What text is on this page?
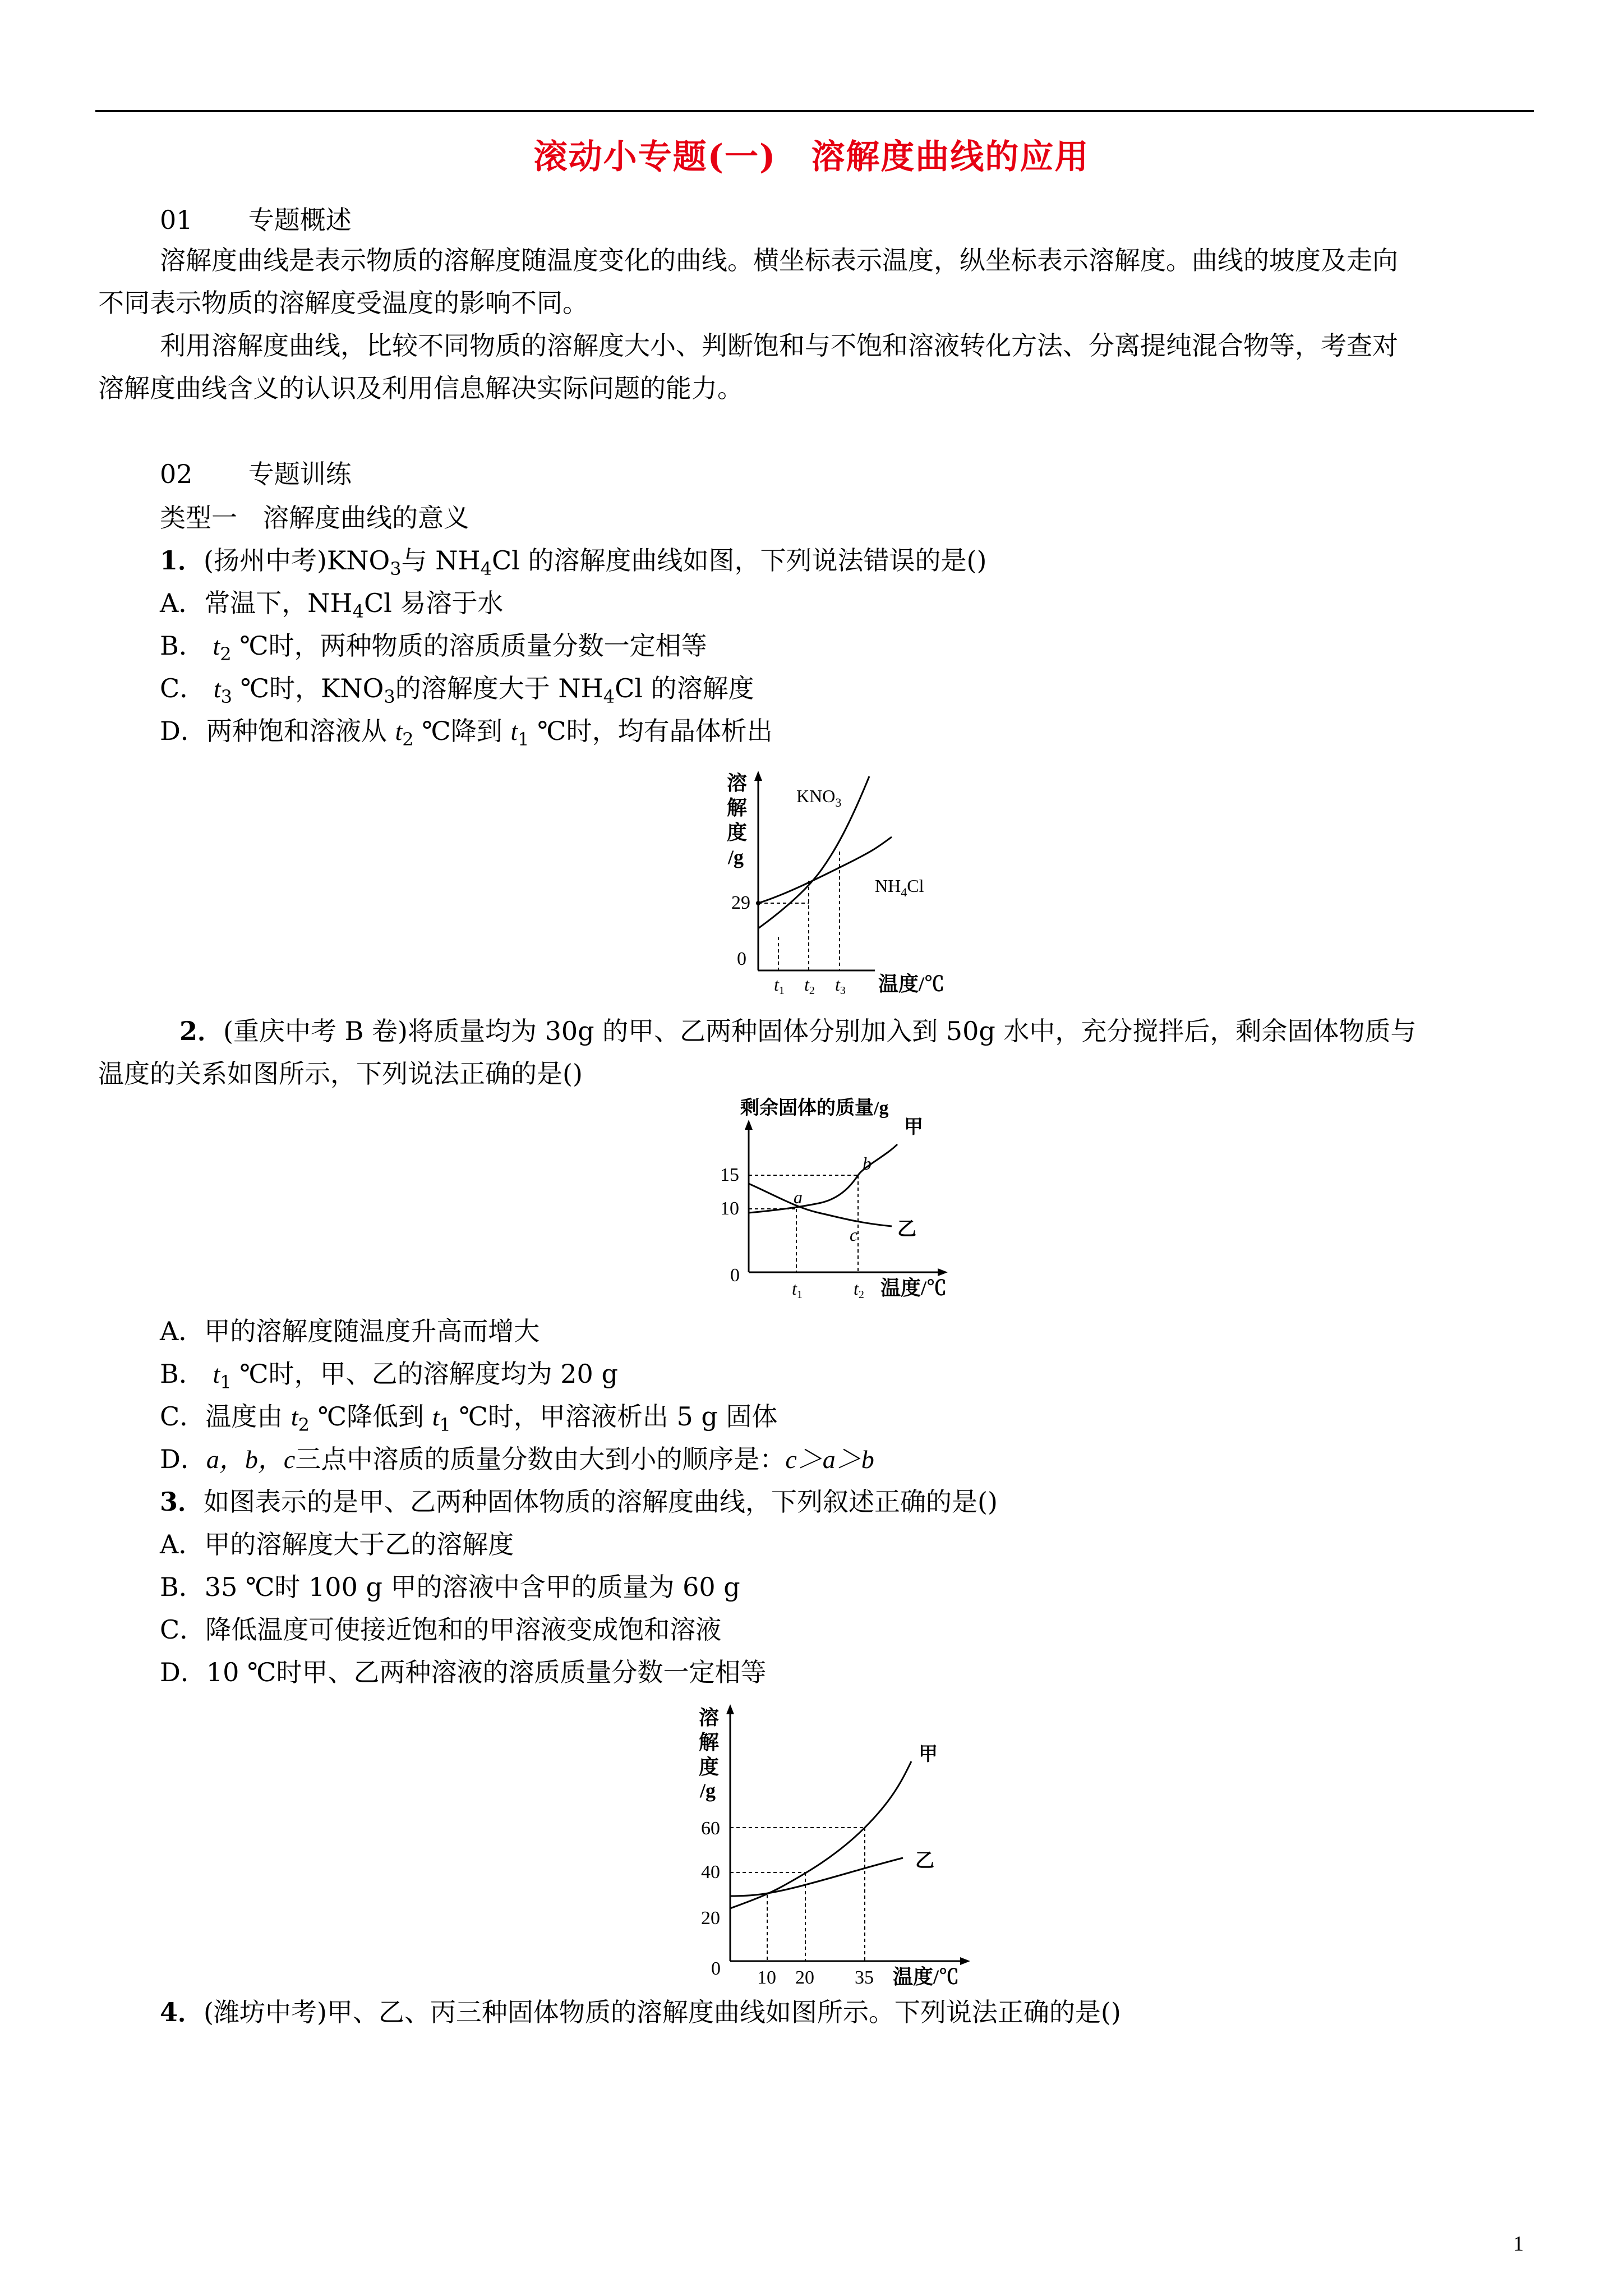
滚动小专题(一)　溶解度曲线的应用
01 专题概述
溶解度曲线是表示物质的溶解度随温度变化的曲线。横坐标表示温度，纵坐标表示溶解度。曲线的坡度及走向
不同表示物质的溶解度受温度的影响不同。
利用溶解度曲线，比较不同物质的溶解度大小、判断饱和与不饱和溶液转化方法、分离提纯混合物等，考查对
溶解度曲线含义的认识及利用信息解决实际问题的能力。
02 专题训练
类型一　溶解度曲线的意义
1．(扬州中考)$KNO_3$与 $NH_4Cl$ 的溶解度曲线如图，下列说法错误的是()
A．常温下，$NH_4Cl$ 易溶于水
B． $t_2$ ℃时，两种物质的溶质质量分数一定相等
C． $t_3$ ℃时，$KNO_3$的溶解度大于 $NH_4Cl$ 的溶解度
D．两种饱和溶液从 $t_2$ ℃降到 $t_1$ ℃时，均有晶体析出
溶
解
度
/g
0
29
$KNO_3$
$NH_4Cl$
t1 t2 t3 温度/℃
2．(重庆中考 B 卷)将质量均为 30g 的甲、乙两种固体分别加入到 50g 水中，充分搅拌后，剩余固体物质与
温度的关系如图所示，下列说法正确的是()
剩余固体的质量/g
0
10
15
甲
乙
a
b
c
t1	t2 温度/℃
A．甲的溶解度随温度升高而增大
B． $t_1$ ℃时，甲、乙的溶解度均为 20 g
C．温度由 $t_2$ ℃降低到 $t_1$ ℃时，甲溶液析出 5 g 固体
D．a，b，c三点中溶质的质量分数由大到小的顺序是：c＞a＞b
3．如图表示的是甲、乙两种固体物质的溶解度曲线，下列叙述正确的是()
A．甲的溶解度大于乙的溶解度
B．35 ℃时 100 g 甲的溶液中含甲的质量为 60 g
C．降低温度可使接近饱和的甲溶液变成饱和溶液
D．10 ℃时甲、乙两种溶液的溶质质量分数一定相等
溶
解
度
/g
0
20
40
60
甲
乙
10 20 35 温度/℃
4．(潍坊中考)甲、乙、丙三种固体物质的溶解度曲线如图所示。下列说法正确的是()
1
